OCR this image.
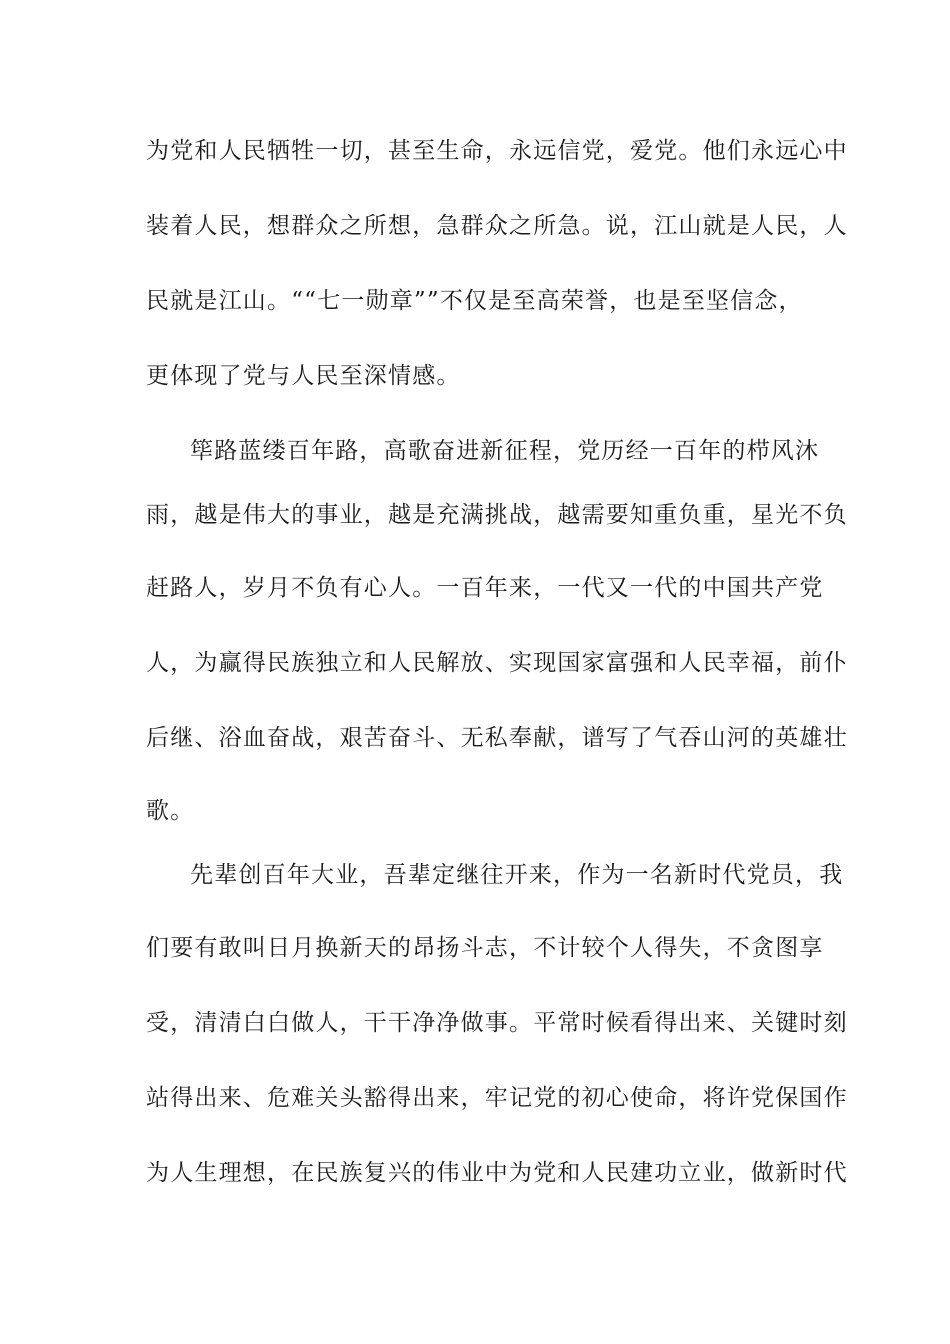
为党和人民牺牲一切，甚至生命，永远信党，爱党。他们永远心中
装着人民，想群众之所想，急群众之所急。说，江山就是人民，人
民就是江山。““七一勋章””不仅是至高荣誉，也是至坚信念，
更体现了党与人民至深情感。
筚路蓝缕百年路，高歌奋进新征程，党历经一百年的栉风沐
雨，越是伟大的事业，越是充满挑战，越需要知重负重，星光不负
赶路人，岁月不负有心人。一百年来，一代又一代的中国共产党
人，为赢得民族独立和人民解放、实现国家富强和人民幸福，前仆
后继、浴血奋战，艰苦奋斗、无私奉献，谱写了气吞山河的英雄壮
歌。
先辈创百年大业，吾辈定继往开来，作为一名新时代党员，我
们要有敢叫日月换新天的昂扬斗志，不计较个人得失，不贪图享
受，清清白白做人，干干净净做事。平常时候看得出来、关键时刻
站得出来、危难关头豁得出来，牢记党的初心使命，将许党保国作
为人生理想，在民族复兴的伟业中为党和人民建功立业，做新时代
